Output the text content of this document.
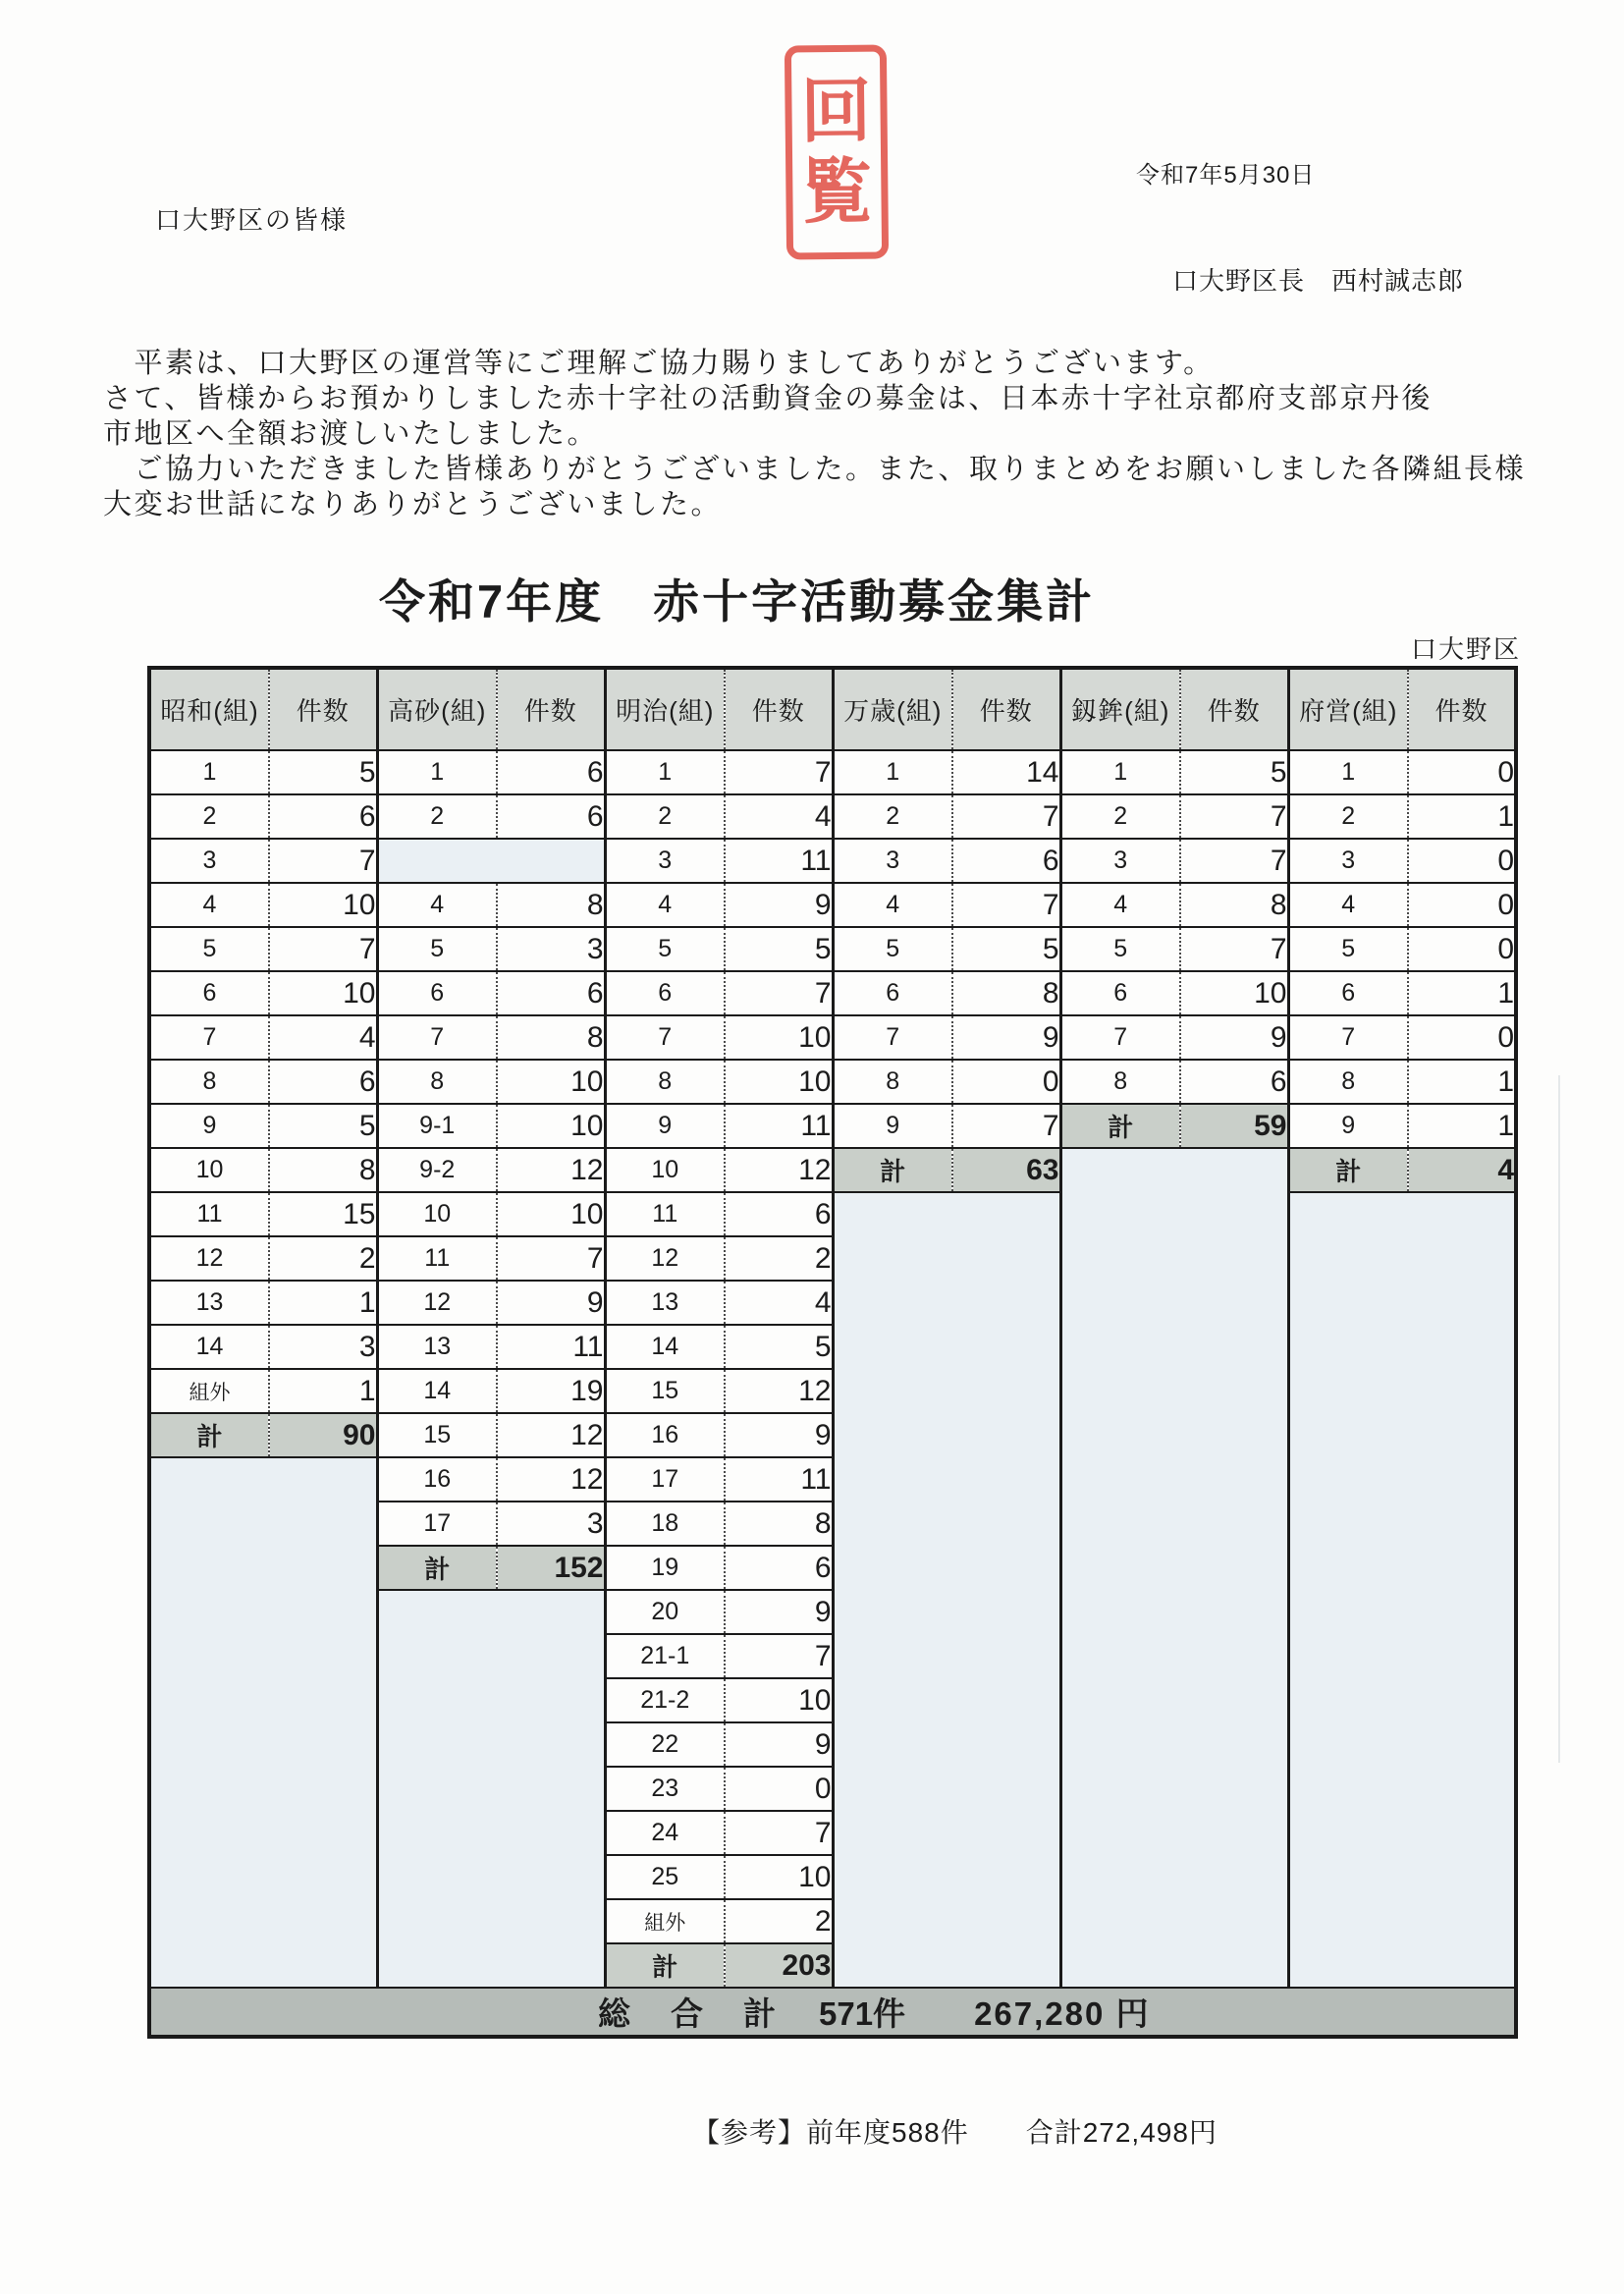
回
覧	令和7年5月30日
口大野区の皆様
口大野区長　西村誠志郎
　平素は、口大野区の運営等にご理解ご協力賜りましてありがとうございます。
さて、皆様からお預かりしました赤十字社の活動資金の募金は、日本赤十字社京都府支部京丹後
市地区へ全額お渡しいたしました。
　ご協力いただきました皆様ありがとうございました。また、取りまとめをお願いしました各隣組長様
大変お世話になりありがとうございました。
令和7年度　赤十字活動募金集計
口大野区
昭和(組)	件数	高砂(組)	件数	明治(組)	件数	万歳(組)	件数	釼鉾(組)	件数	府営(組)	件数
1	5	1	6	1	7	1	14	1	5	1	0
2	6	2	6	2	4	2	7	2	7	2	1
3	7			3	11	3	6	3	7	3	0
4	10	4	8	4	9	4	7	4	8	4	0
5	7	5	3	5	5	5	5	5	7	5	0
6	10	6	6	6	7	6	8	6	10	6	1
7	4	7	8	7	10	7	9	7	9	7	0
8	6	8	10	8	10	8	0	8	6	8	1
9	5	9-1	10	9	11	9	7	計	59	9	1
10	8	9-2	12	10	12	計	63			計	4
11	15	10	10	11	6						
12	2	11	7	12	2						
13	1	12	9	13	4						
14	3	13	11	14	5						
組外	1	14	19	15	12						
計	90	15	12	16	9						
		16	12	17	11						
		17	3	18	8						
		計	152	19	6						
				20	9						
				21-1	7						
				21-2	10						
				22	9						
				23	0						
				24	7						
				25	10						
				組外	2						
				計	203						

総　合　計 571件 267,280 円											
【参考】前年度588件　　合計272,498円
